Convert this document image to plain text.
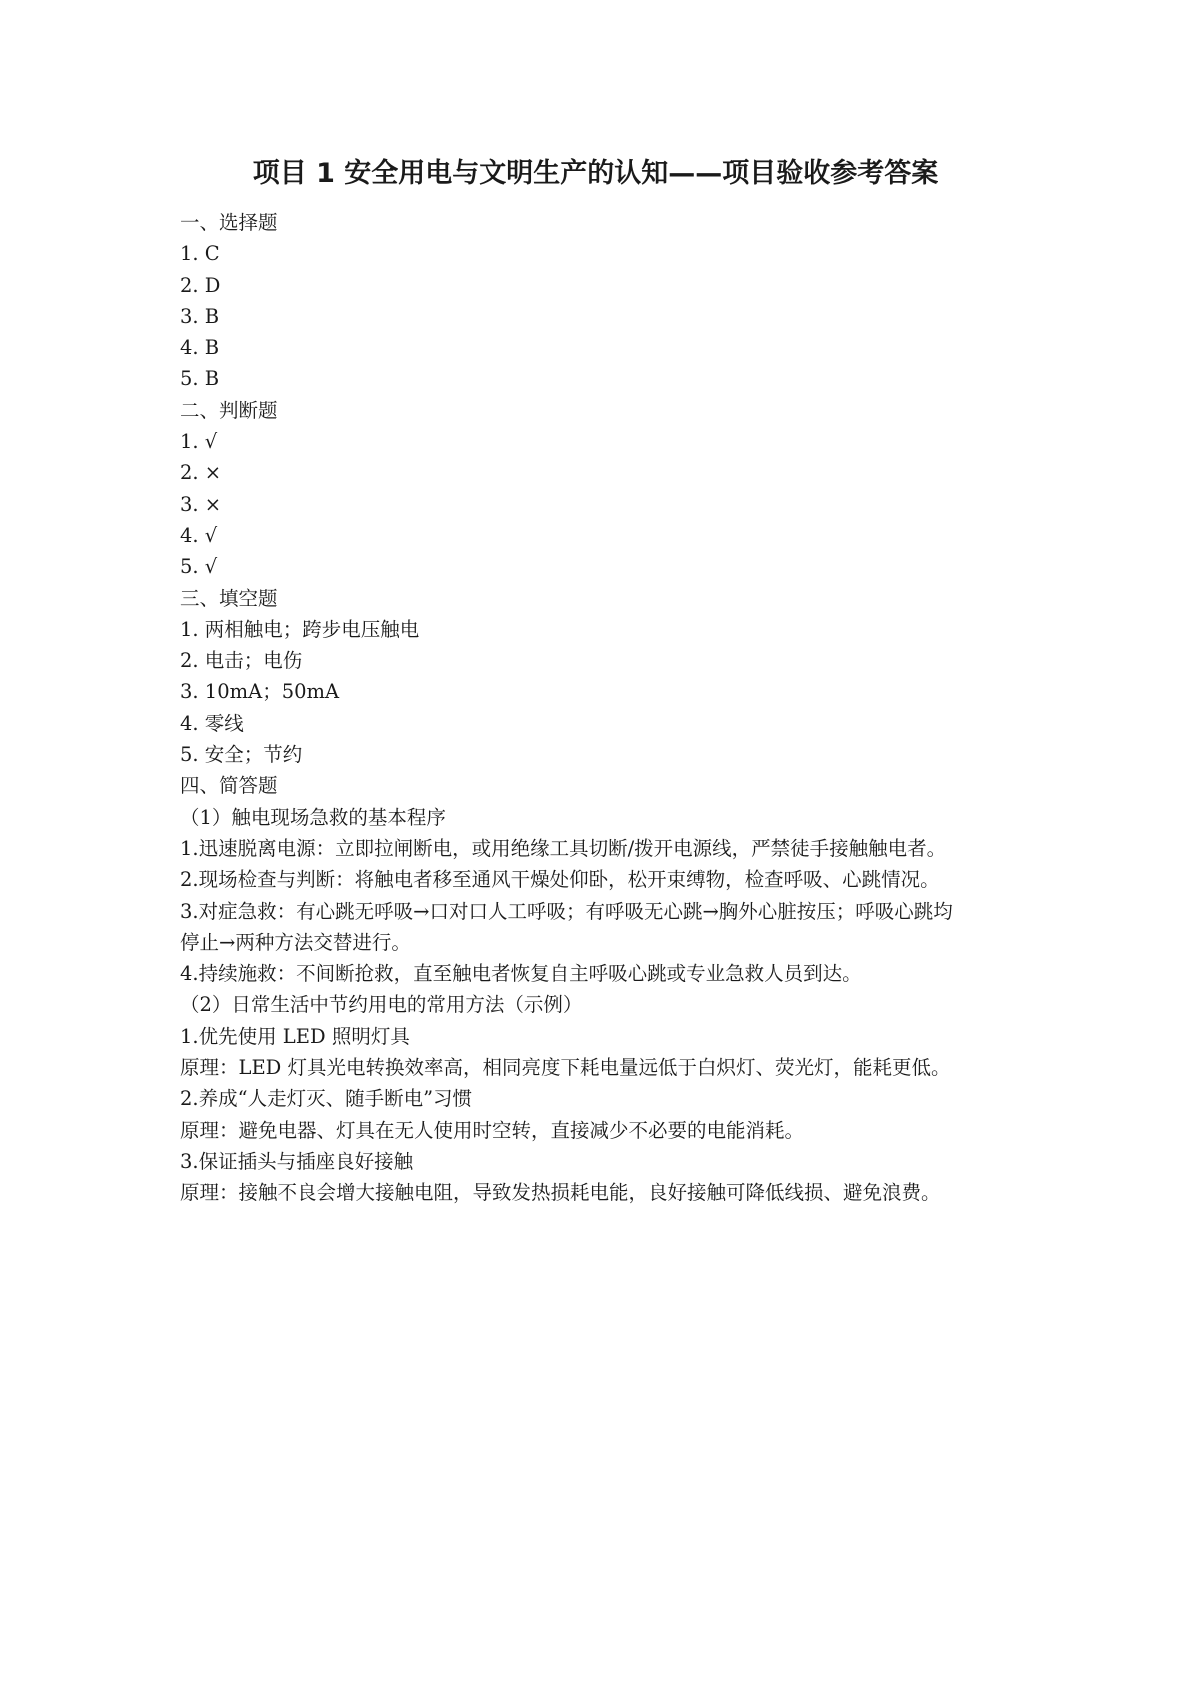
项目 1 安全用电与文明生产的认知——项目验收参考答案
一、选择题
1. C
2. D
3. B
4. B
5. B
二、判断题
1. √
2. ×
3. ×
4. √
5. √
三、填空题
1. 两相触电；跨步电压触电
2. 电击；电伤
3. 10mA；50mA
4. 零线
5. 安全；节约
四、简答题
（1）触电现场急救的基本程序
1.迅速脱离电源：立即拉闸断电，或用绝缘工具切断/拨开电源线，严禁徒手接触触电者。
2.现场检查与判断：将触电者移至通风干燥处仰卧，松开束缚物，检查呼吸、心跳情况。
3.对症急救：有心跳无呼吸→口对口人工呼吸；有呼吸无心跳→胸外心脏按压；呼吸心跳均
停止→两种方法交替进行。
4.持续施救：不间断抢救，直至触电者恢复自主呼吸心跳或专业急救人员到达。
（2）日常生活中节约用电的常用方法（示例）
1.优先使用 LED 照明灯具
原理：LED 灯具光电转换效率高，相同亮度下耗电量远低于白炽灯、荧光灯，能耗更低。
2.养成“人走灯灭、随手断电”习惯
原理：避免电器、灯具在无人使用时空转，直接减少不必要的电能消耗。
3.保证插头与插座良好接触
原理：接触不良会增大接触电阻，导致发热损耗电能，良好接触可降低线损、避免浪费。
